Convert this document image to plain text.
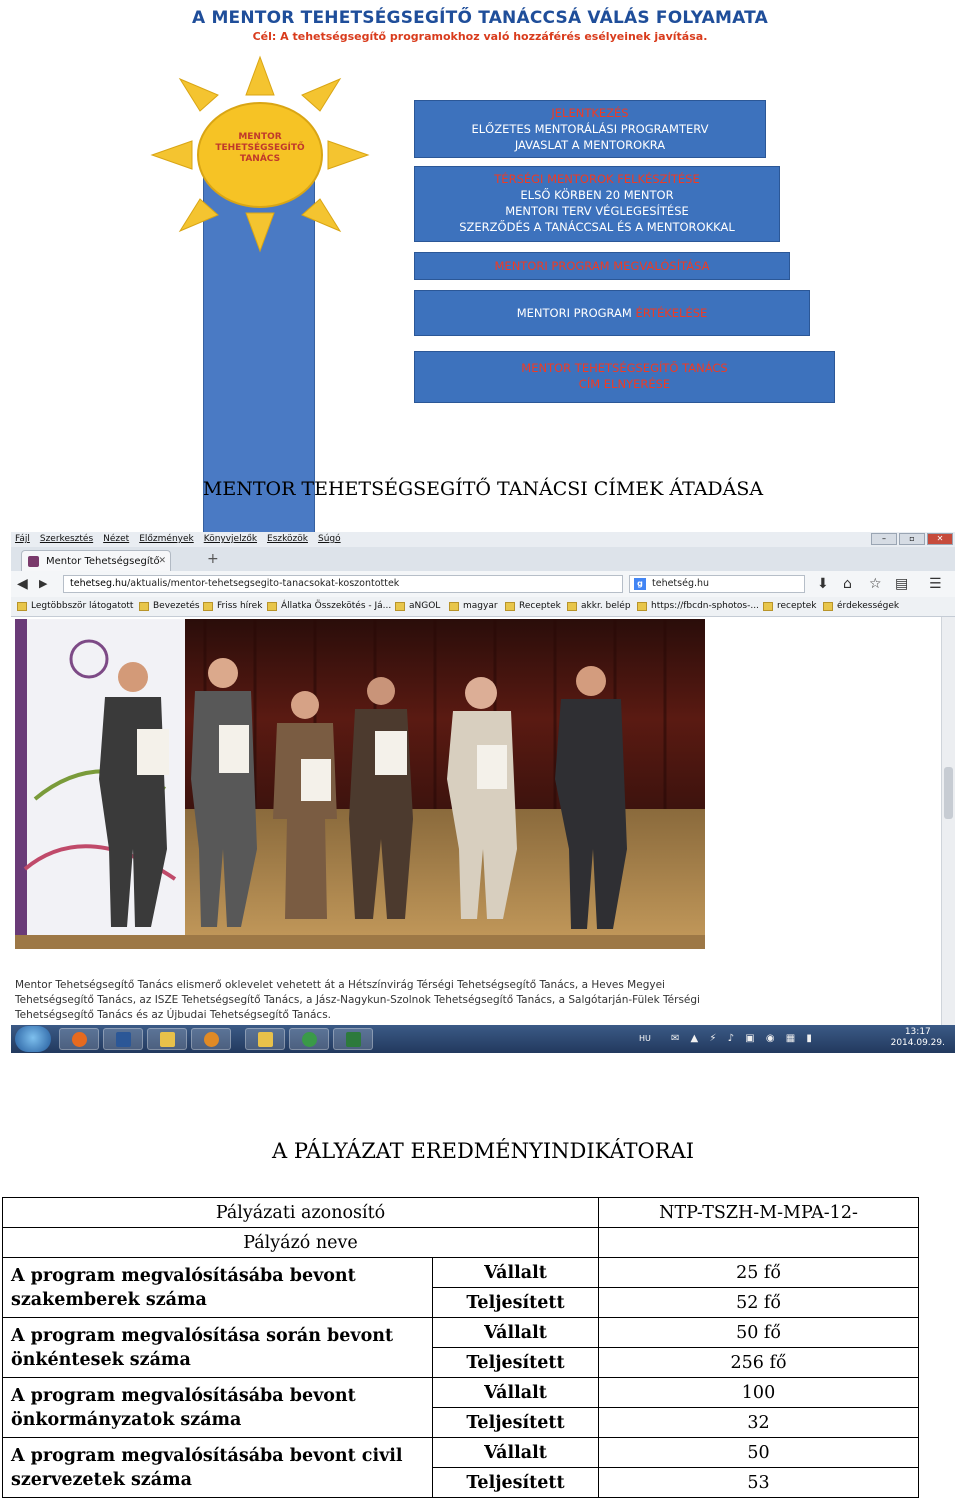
A MENTOR TEHETSÉGSEGÍTŐ TANÁCCSÁ VÁLÁS FOLYAMATA
Cél: A tehetségsegítő programokhoz való hozzáférés esélyeinek javítása.
MENTOR
TEHETSÉGSEGÍTŐ
TANÁCS
JELENTKEZÉS
ELŐZETES MENTORÁLÁSI PROGRAMTERV
JAVASLAT A MENTOROKRA
TÉRSÉGI MENTOROK FELKÉSZÍTÉSE
ELSŐ KÖRBEN 20 MENTOR
MENTORI TERV VÉGLEGESÍTÉSE
SZERZŐDÉS A TANÁCCSAL ÉS A MENTOROKKAL
MENTORI PROGRAM MEGVALÓSÍTÁSA
MENTORI PROGRAM ÉRTÉKELÉSE
MENTOR TEHETSÉGSEGÍTŐ TANÁCS
CÍM ELNYERÉSE
MENTOR TEHETSÉGSEGÍTŐ TANÁCSI CÍMEK ÁTADÁSA
Fájl Szerkesztés Nézet Előzmények Könyvjelzők Eszközök Súgó	–	▫	✕
Mentor Tehetségsegítő
✕	+
◀ ▶	tehetseg.hu/aktualis/mentor-tehetsegsegito-tanacsokat-koszontottek	g tehetség.hu	⬇ ⌂ ☆ ▤ ☰
Legtöbbször látogatott	Bevezetés	Friss hírek	Állatka Összekötés - Já...	aNGOL	magyar	Receptek	akkr. belép	https://fbcdn-sphotos-...	receptek	érdekességek
Mentor Tehetségsegítő Tanács elismerő oklevelet vehetett át a Hétszínvirág Térségi Tehetségsegítő Tanács, a Heves Megyei Tehetségsegítő Tanács, az ISZE Tehetségsegítő Tanács, a Jász-Nagykun-Szolnok Tehetségsegítő Tanács, a Salgótarján-Fülek Térségi Tehetségsegítő Tanács és az Újbudai Tehetségsegítő Tanács.
HU ✉ ▲ ⚡ ♪ ▣ ◉ ▦ ▮
13:17
2014.09.29.
A PÁLYÁZAT EREDMÉNYINDIKÁTORAI
Pályázati azonosító		NTP-TSZH-M-MPA-12-
Pályázó neve		
A program megvalósításába bevont szakemberek száma	Vállalt	25 fő
	Teljesített	52 fő
A program megvalósítása során bevont önkéntesek száma	Vállalt	50 fő
	Teljesített	256 fő
A program megvalósításába bevont önkormányzatok száma	Vállalt	100
	Teljesített	32
A program megvalósításába bevont civil szervezetek száma	Vállalt	50
	Teljesített	53
